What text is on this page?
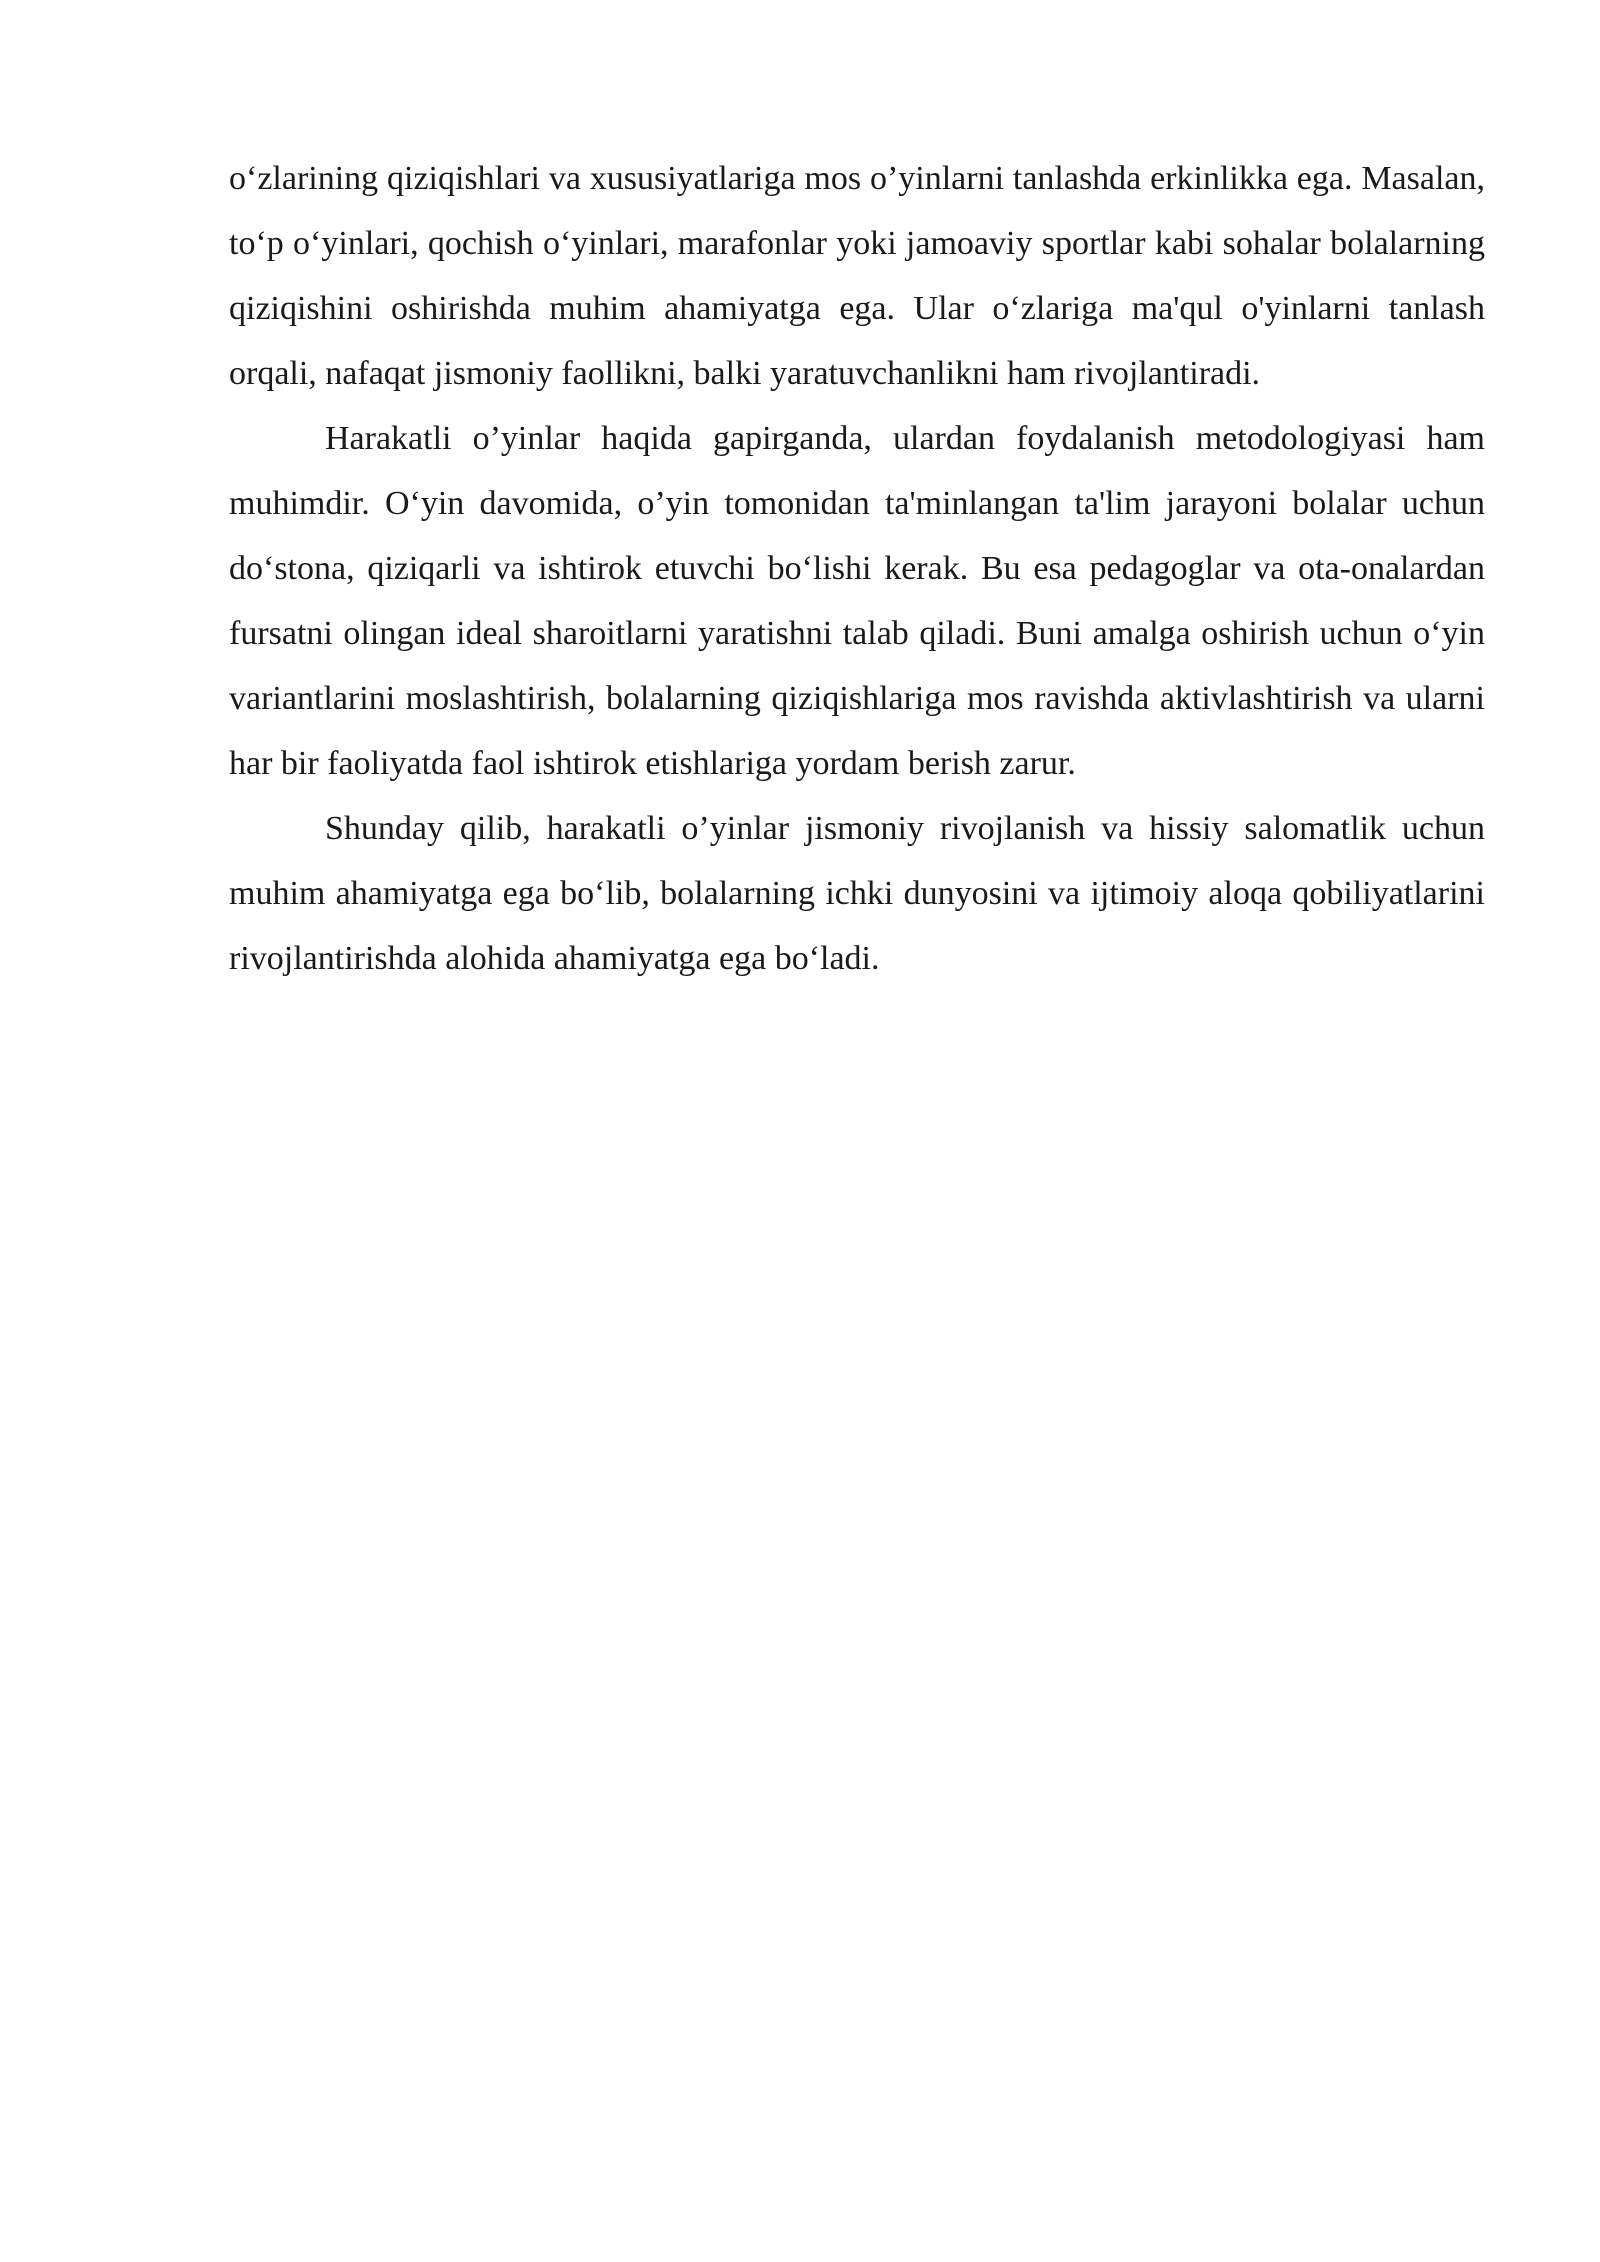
o‘zlarining qiziqishlari va xususiyatlariga mos o’yinlarni tanlashda erkinlikka ega. Masalan, to‘p o‘yinlari, qochish o‘yinlari, marafonlar yoki jamoaviy sportlar kabi sohalar bolalarning qiziqishini oshirishda muhim ahamiyatga ega. Ular o‘zlariga ma'qul o'yinlarni tanlash orqali, nafaqat jismoniy faollikni, balki yaratuvchanlikni ham rivojlantiradi.

Harakatli o’yinlar haqida gapirganda, ulardan foydalanish metodologiyasi ham muhimdir. O‘yin davomida, o’yin tomonidan ta'minlangan ta'lim jarayoni bolalar uchun do‘stona, qiziqarli va ishtirok etuvchi bo‘lishi kerak. Bu esa pedagoglar va ota-onalardan fursatni olingan ideal sharoitlarni yaratishni talab qiladi. Buni amalga oshirish uchun o‘yin variantlarini moslashtirish, bolalarning qiziqishlariga mos ravishda aktivlashtirish va ularni har bir faoliyatda faol ishtirok etishlariga yordam berish zarur.

Shunday qilib, harakatli o’yinlar jismoniy rivojlanish va hissiy salomatlik uchun muhim ahamiyatga ega bo‘lib, bolalarning ichki dunyosini va ijtimoiy aloqa qobiliyatlarini rivojlantirishda alohida ahamiyatga ega bo‘ladi.
